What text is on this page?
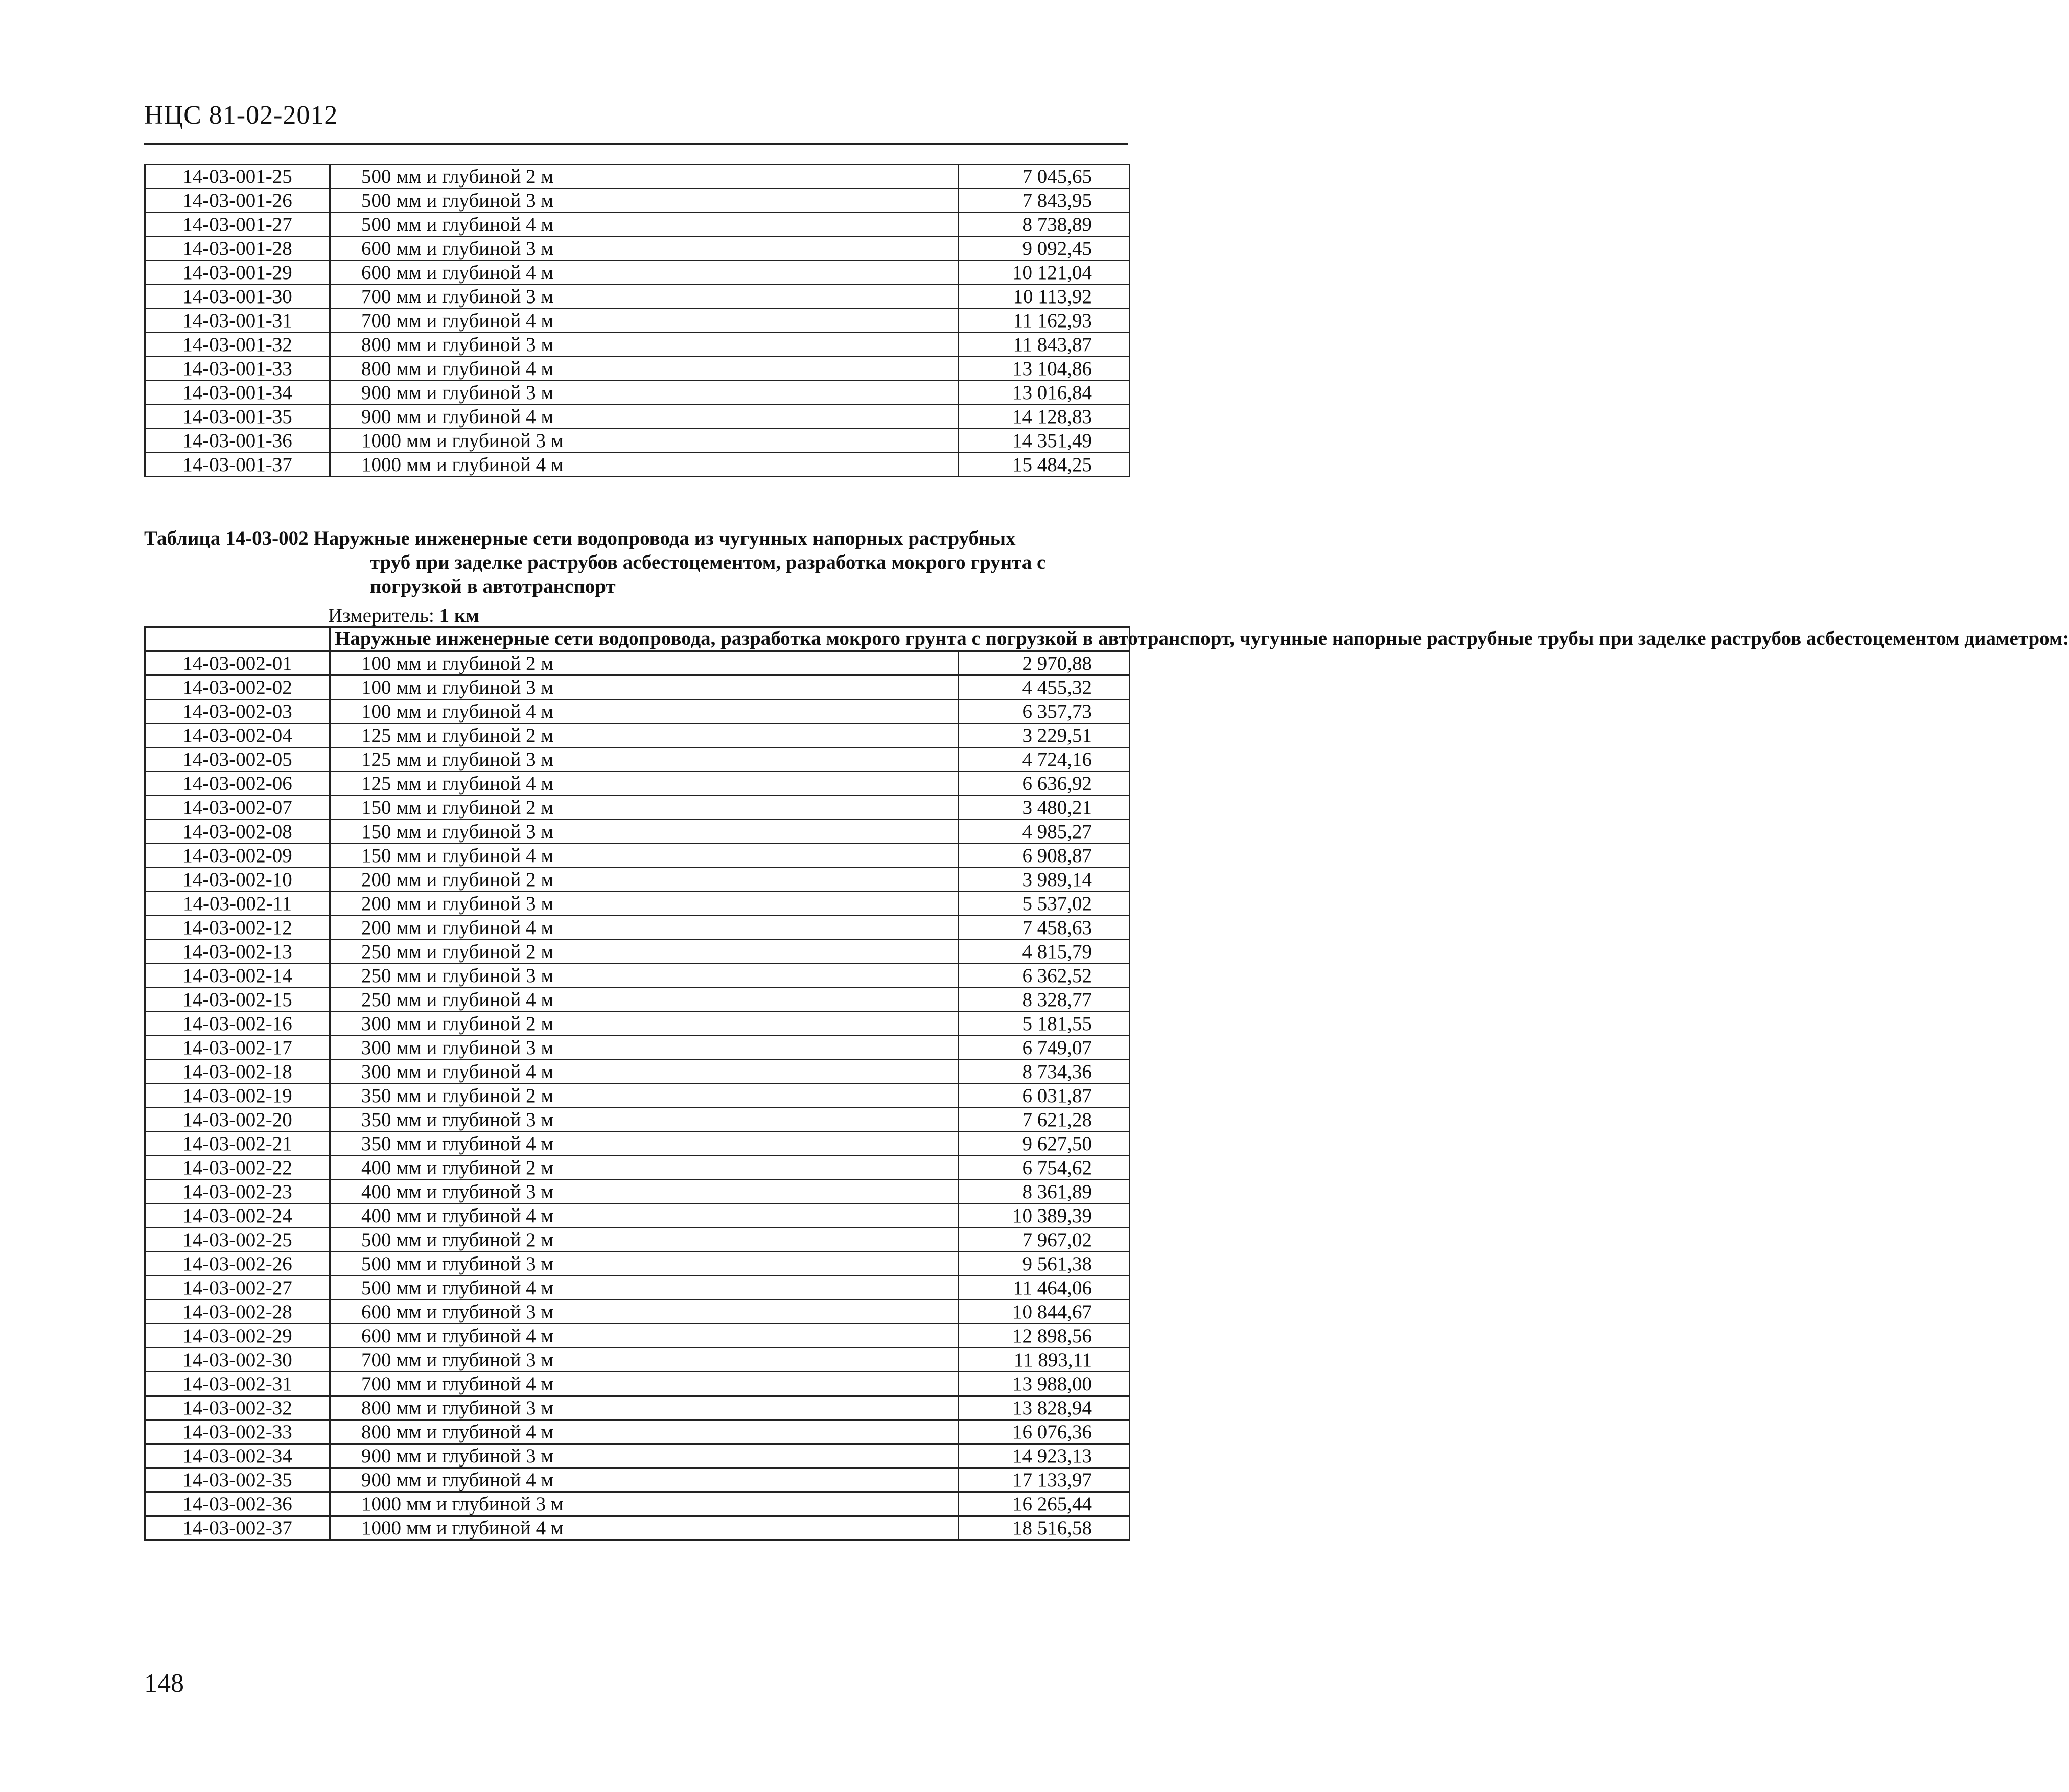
НЦС 81-02-2012
14-03-001-25	500 мм и глубиной 2 м	7 045,65
14-03-001-26	500 мм и глубиной 3 м	7 843,95
14-03-001-27	500 мм и глубиной 4 м	8 738,89
14-03-001-28	600 мм и глубиной 3 м	9 092,45
14-03-001-29	600 мм и глубиной 4 м	10 121,04
14-03-001-30	700 мм и глубиной 3 м	10 113,92
14-03-001-31	700 мм и глубиной 4 м	11 162,93
14-03-001-32	800 мм и глубиной 3 м	11 843,87
14-03-001-33	800 мм и глубиной 4 м	13 104,86
14-03-001-34	900 мм и глубиной 3 м	13 016,84
14-03-001-35	900 мм и глубиной 4 м	14 128,83
14-03-001-36	1000 мм и глубиной 3 м	14 351,49
14-03-001-37	1000 мм и глубиной 4 м	15 484,25
Таблица 14-03-002 Наружные инженерные сети водопровода из чугунных напорных раструбных
труб при заделке раструбов асбестоцементом, разработка мокрого грунта с
погрузкой в автотранспорт
Измеритель: 1 км
	Наружные инженерные сети водопровода, разработка мокрого грунта с погрузкой в автотранспорт, чугунные напорные раструбные трубы при заделке раструбов асбестоцементом диаметром:	
14-03-002-01	100 мм и глубиной 2 м	2 970,88
14-03-002-02	100 мм и глубиной 3 м	4 455,32
14-03-002-03	100 мм и глубиной 4 м	6 357,73
14-03-002-04	125 мм и глубиной 2 м	3 229,51
14-03-002-05	125 мм и глубиной 3 м	4 724,16
14-03-002-06	125 мм и глубиной 4 м	6 636,92
14-03-002-07	150 мм и глубиной 2 м	3 480,21
14-03-002-08	150 мм и глубиной 3 м	4 985,27
14-03-002-09	150 мм и глубиной 4 м	6 908,87
14-03-002-10	200 мм и глубиной 2 м	3 989,14
14-03-002-11	200 мм и глубиной 3 м	5 537,02
14-03-002-12	200 мм и глубиной 4 м	7 458,63
14-03-002-13	250 мм и глубиной 2 м	4 815,79
14-03-002-14	250 мм и глубиной 3 м	6 362,52
14-03-002-15	250 мм и глубиной 4 м	8 328,77
14-03-002-16	300 мм и глубиной 2 м	5 181,55
14-03-002-17	300 мм и глубиной 3 м	6 749,07
14-03-002-18	300 мм и глубиной 4 м	8 734,36
14-03-002-19	350 мм и глубиной 2 м	6 031,87
14-03-002-20	350 мм и глубиной 3 м	7 621,28
14-03-002-21	350 мм и глубиной 4 м	9 627,50
14-03-002-22	400 мм и глубиной 2 м	6 754,62
14-03-002-23	400 мм и глубиной 3 м	8 361,89
14-03-002-24	400 мм и глубиной 4 м	10 389,39
14-03-002-25	500 мм и глубиной 2 м	7 967,02
14-03-002-26	500 мм и глубиной 3 м	9 561,38
14-03-002-27	500 мм и глубиной 4 м	11 464,06
14-03-002-28	600 мм и глубиной 3 м	10 844,67
14-03-002-29	600 мм и глубиной 4 м	12 898,56
14-03-002-30	700 мм и глубиной 3 м	11 893,11
14-03-002-31	700 мм и глубиной 4 м	13 988,00
14-03-002-32	800 мм и глубиной 3 м	13 828,94
14-03-002-33	800 мм и глубиной 4 м	16 076,36
14-03-002-34	900 мм и глубиной 3 м	14 923,13
14-03-002-35	900 мм и глубиной 4 м	17 133,97
14-03-002-36	1000 мм и глубиной 3 м	16 265,44
14-03-002-37	1000 мм и глубиной 4 м	18 516,58
148
